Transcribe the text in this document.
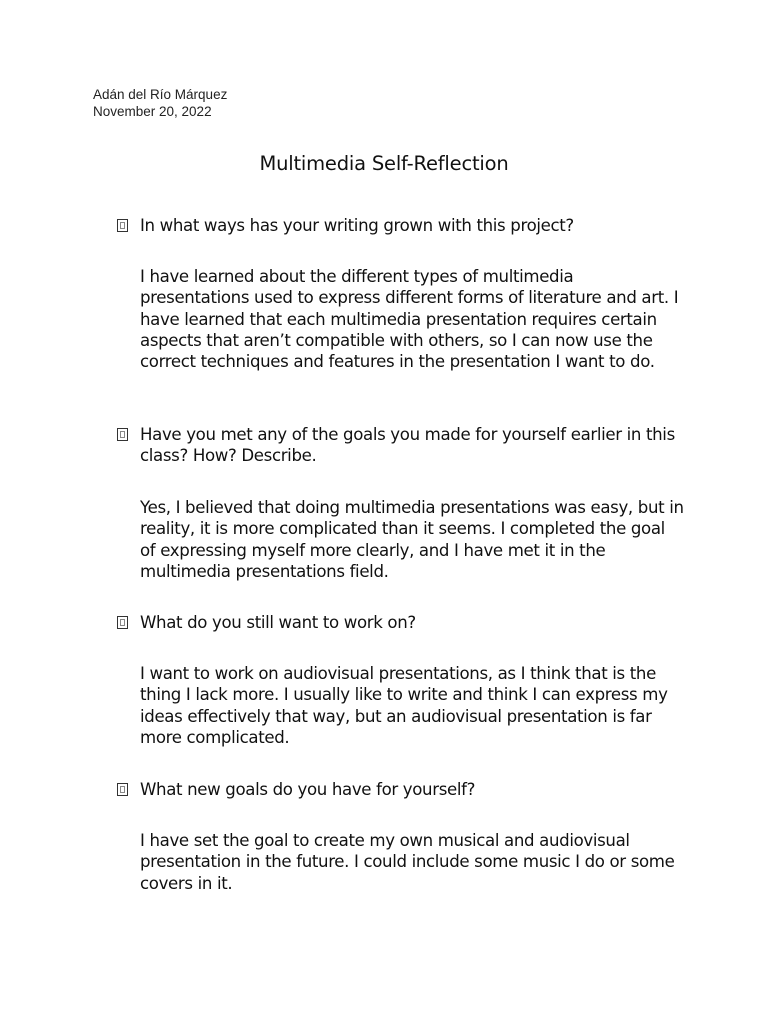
Adán del Río Márquez
November 20, 2022
Multimedia Self-Reflection
In what ways has your writing grown with this project?
I have learned about the different types of multimedia presentations used to express different forms of literature and art. I have learned that each multimedia presentation requires certain aspects that aren’t compatible with others, so I can now use the correct techniques and features in the presentation I want to do.
Have you met any of the goals you made for yourself earlier in this class? How? Describe.
Yes, I believed that doing multimedia presentations was easy, but in reality, it is more complicated than it seems. I completed the goal of expressing myself more clearly, and I have met it in the multimedia presentations field.
What do you still want to work on?
I want to work on audiovisual presentations, as I think that is the thing I lack more. I usually like to write and think I can express my ideas effectively that way, but an audiovisual presentation is far more complicated.
What new goals do you have for yourself?
I have set the goal to create my own musical and audiovisual presentation in the future. I could include some music I do or some covers in it.
